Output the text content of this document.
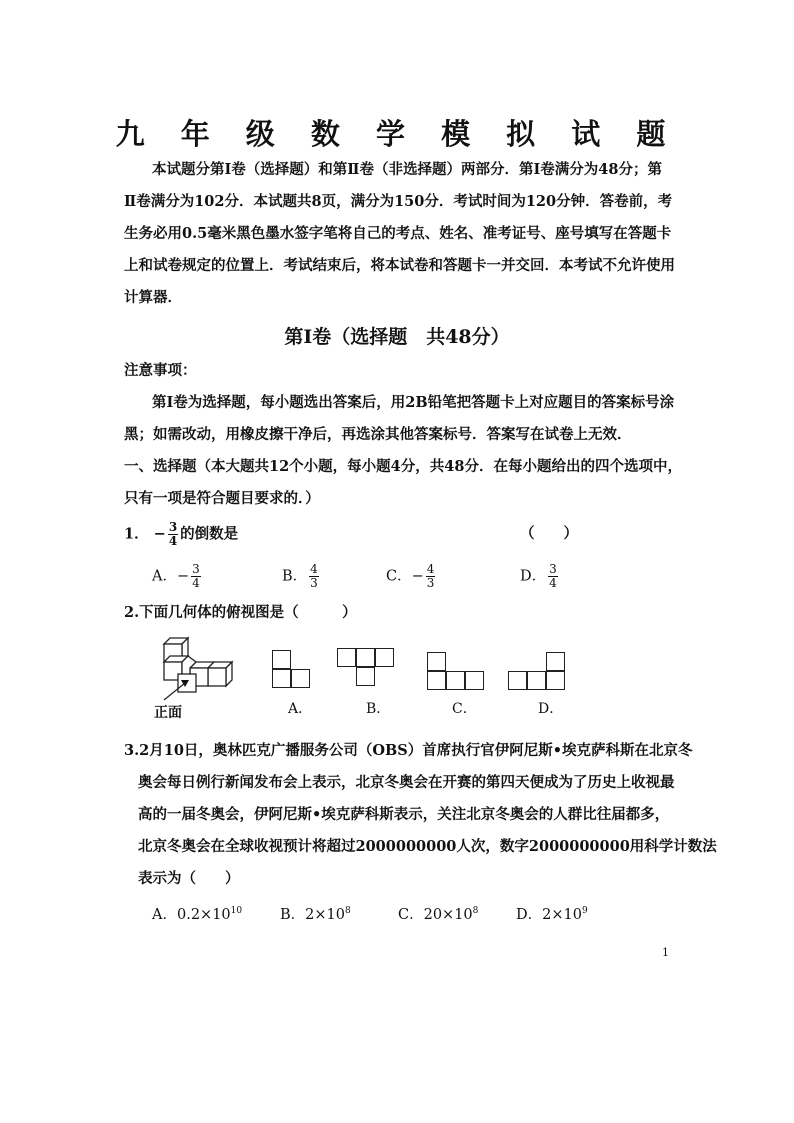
九 年 级 数 学 模 拟 试 题
本试题分第Ⅰ卷（选择题）和第Ⅱ卷（非选择题）两部分．第Ⅰ卷满分为48分；第
Ⅱ卷满分为102分．本试题共8页，满分为150分．考试时间为120分钟．答卷前，考
生务必用0.5毫米黑色墨水签字笔将自己的考点、姓名、准考证号、座号填写在答题卡
上和试卷规定的位置上．考试结束后，将本试卷和答题卡一并交回．本考试不允许使用
计算器．
第Ⅰ卷（选择题　共48分）
注意事项：
第Ⅰ卷为选择题，每小题选出答案后，用2B铅笔把答题卡上对应题目的答案标号涂
黑；如需改动，用橡皮擦干净后，再选涂其他答案标号．答案写在试卷上无效．
一、选择题（本大题共12个小题，每小题4分，共48分．在每小题给出的四个选项中，
只有一项是符合题目要求的．）
1． − $\frac{3}{4}$ 的倒数是	（　　）
A．− $\frac{3}{4}$	B． $\frac{4}{3}$	C．− $\frac{4}{3}$	D． $\frac{3}{4}$
2.下面几何体的俯视图是（　　　）
正面	A．	B．	C．	D．
3.2月10日，奥林匹克广播服务公司（OBS）首席执行官伊阿尼斯•埃克萨科斯在北京冬
奥会每日例行新闻发布会上表示，北京冬奥会在开赛的第四天便成为了历史上收视最
高的一届冬奥会，伊阿尼斯•埃克萨科斯表示，关注北京冬奥会的人群比往届都多，
北京冬奥会在全球收视预计将超过2000000000人次，数字2000000000用科学计数法
表示为（　　）
A．$0.2\times 10^{10}$	B．$2\times 10^8$	C．$20\times 10^8$	D．$2\times 10^9$
1
